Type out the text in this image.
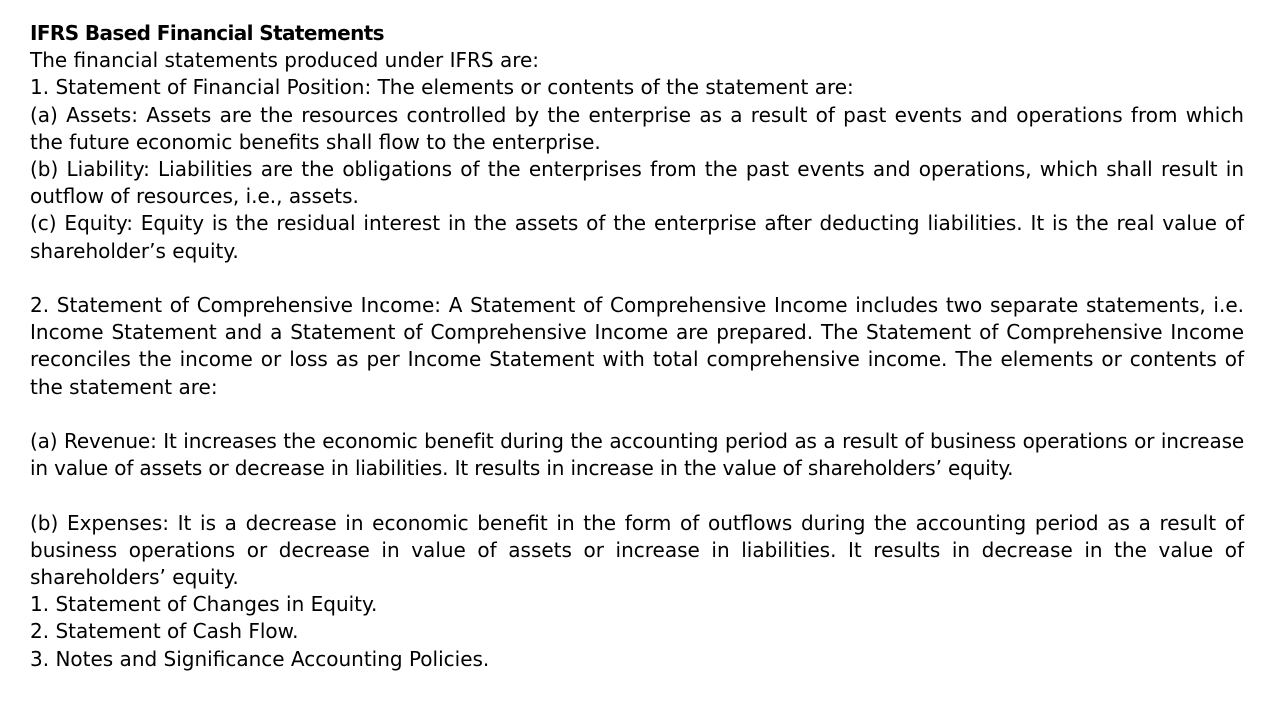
IFRS Based Financial Statements

The financial statements produced under IFRS are:

1. Statement of Financial Position: The elements or contents of the statement are:

(a) Assets: Assets are the resources controlled by the enterprise as a result of past events and operations from which the future economic benefits shall flow to the enterprise.

(b) Liability: Liabilities are the obligations of the enterprises from the past events and operations, which shall result in outflow of resources, i.e., assets.

(c) Equity: Equity is the residual interest in the assets of the enterprise after deducting liabilities. It is the real value of shareholder’s equity.

2. Statement of Comprehensive Income: A Statement of Comprehensive Income includes two separate statements, i.e. Income Statement and a Statement of Comprehensive Income are prepared. The Statement of Comprehensive Income reconciles the income or loss as per Income Statement with total comprehensive income. The elements or contents of the statement are:

(a) Revenue: It increases the economic benefit during the accounting period as a result of business operations or increase in value of assets or decrease in liabilities. It results in increase in the value of shareholders’ equity.

(b) Expenses: It is a decrease in economic benefit in the form of outflows during the accounting period as a result of business operations or decrease in value of assets or increase in liabilities. It results in decrease in the value of shareholders’ equity.

1. Statement of Changes in Equity.

2. Statement of Cash Flow.

3. Notes and Significance Accounting Policies.
